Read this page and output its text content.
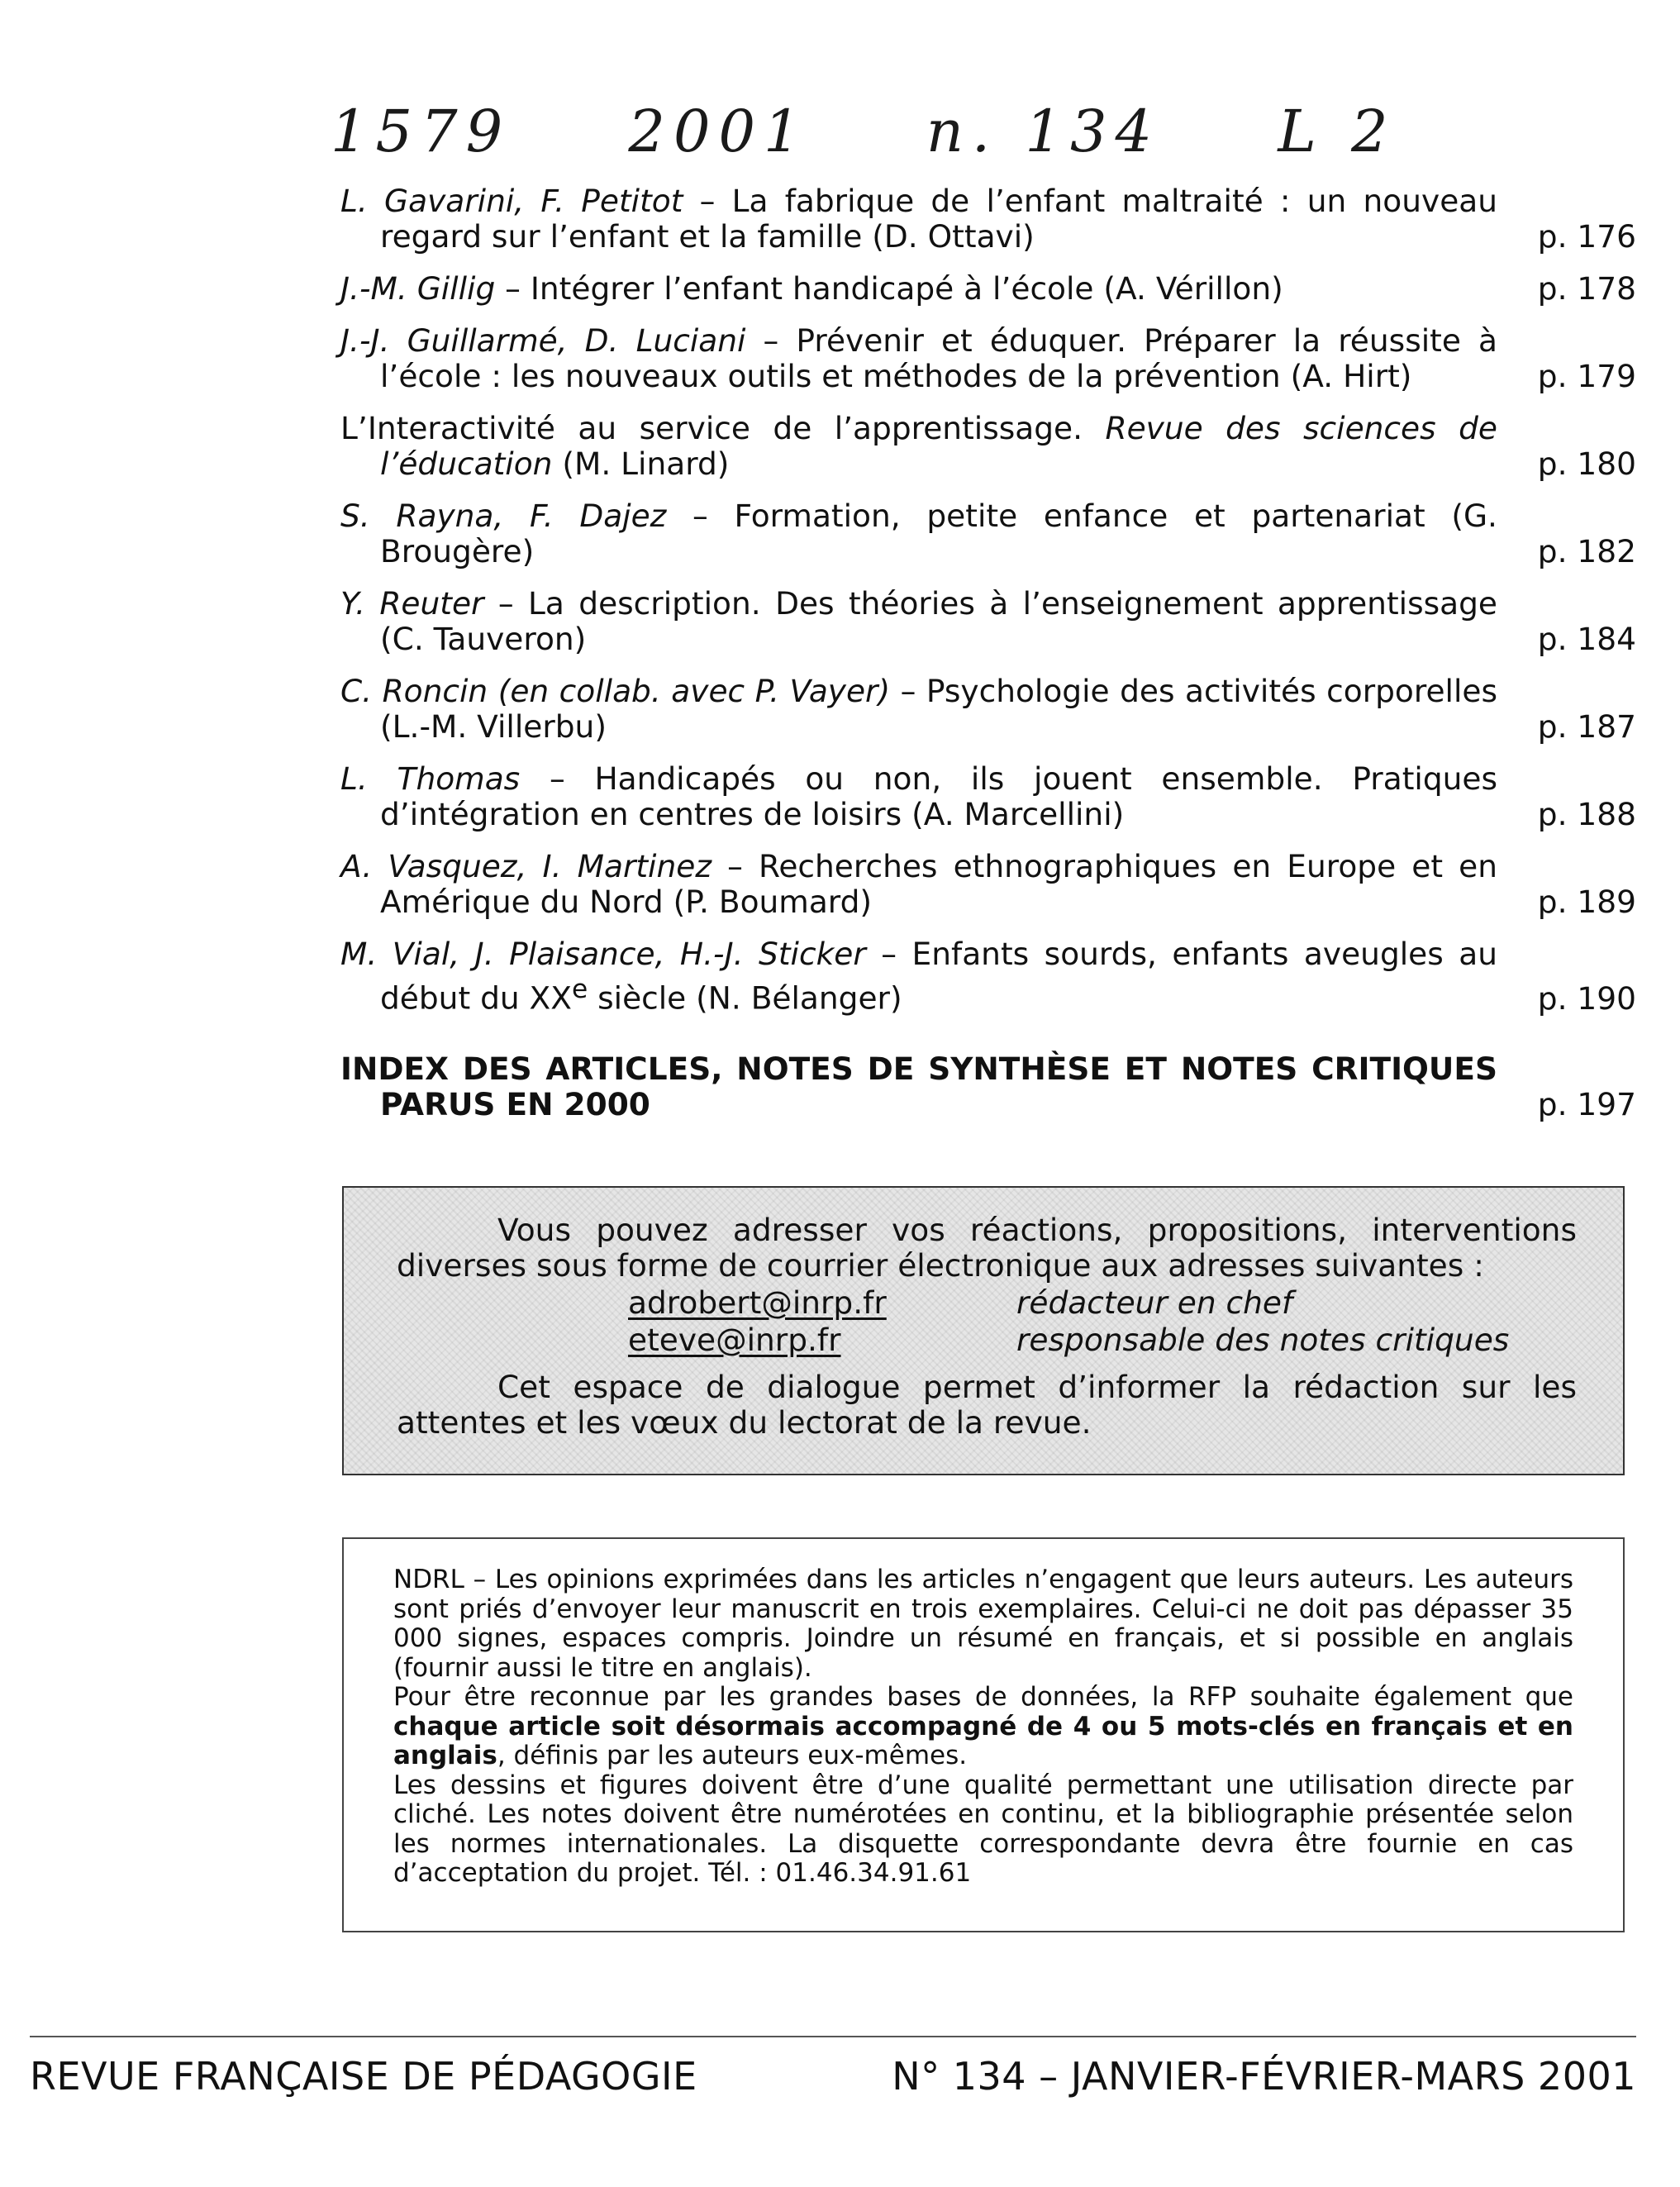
1579 2001 n. 134 L 2
L. Gavarini, F. Petitot – La fabrique de l’enfant maltraité : un nouveau regard sur l’enfant et la famille (D. Ottavi)	p. 176
J.-M. Gillig – Intégrer l’enfant handicapé à l’école (A. Vérillon)	p. 178
J.-J. Guillarmé, D. Luciani – Prévenir et éduquer. Préparer la réussite à l’école : les nouveaux outils et méthodes de la prévention (A. Hirt)	p. 179
L’Interactivité au service de l’apprentissage. Revue des sciences de l’éducation (M. Linard)	p. 180
S. Rayna, F. Dajez – Formation, petite enfance et partenariat (G. Brougère)	p. 182
Y. Reuter – La description. Des théories à l’enseignement apprentissage (C. Tauveron)	p. 184
C. Roncin (en collab. avec P. Vayer) – Psychologie des activités corporelles (L.-M. Villerbu)	p. 187
L. Thomas – Handicapés ou non, ils jouent ensemble. Pratiques d’intégration en centres de loisirs (A. Marcellini)	p. 188
A. Vasquez, I. Martinez – Recherches ethnographiques en Europe et en Amérique du Nord (P. Boumard)	p. 189
M. Vial, J. Plaisance, H.-J. Sticker – Enfants sourds, enfants aveugles au début du XXe siècle (N. Bélanger)	p. 190
INDEX DES ARTICLES, NOTES DE SYNTHÈSE ET NOTES CRITIQUES PARUS EN 2000	p. 197

Vous pouvez adresser vos réactions, propositions, interventions diverses sous forme de courrier électronique aux adresses suivantes :

adrobert@inrp.fr	rédacteur en chef
eteve@inrp.fr	responsable des notes critiques

Cet espace de dialogue permet d’informer la rédaction sur les attentes et les vœux du lectorat de la revue.

NDRL – Les opinions exprimées dans les articles n’engagent que leurs auteurs. Les auteurs sont priés d’envoyer leur manuscrit en trois exemplaires. Celui-ci ne doit pas dépasser 35 000 signes, espaces compris. Joindre un résumé en français, et si possible en anglais (fournir aussi le titre en anglais).

Pour être reconnue par les grandes bases de données, la RFP souhaite également que chaque article soit désormais accompagné de 4 ou 5 mots-clés en français et en anglais, définis par les auteurs eux-mêmes.

Les dessins et figures doivent être d’une qualité permettant une utilisation directe par cliché. Les notes doivent être numérotées en continu, et la bibliographie présentée selon les normes internationales. La disquette correspondante devra être fournie en cas d’acceptation du projet. Tél. : 01.46.34.91.61

REVUE FRANÇAISE DE PÉDAGOGIE	N° 134 – JANVIER-FÉVRIER-MARS 2001
